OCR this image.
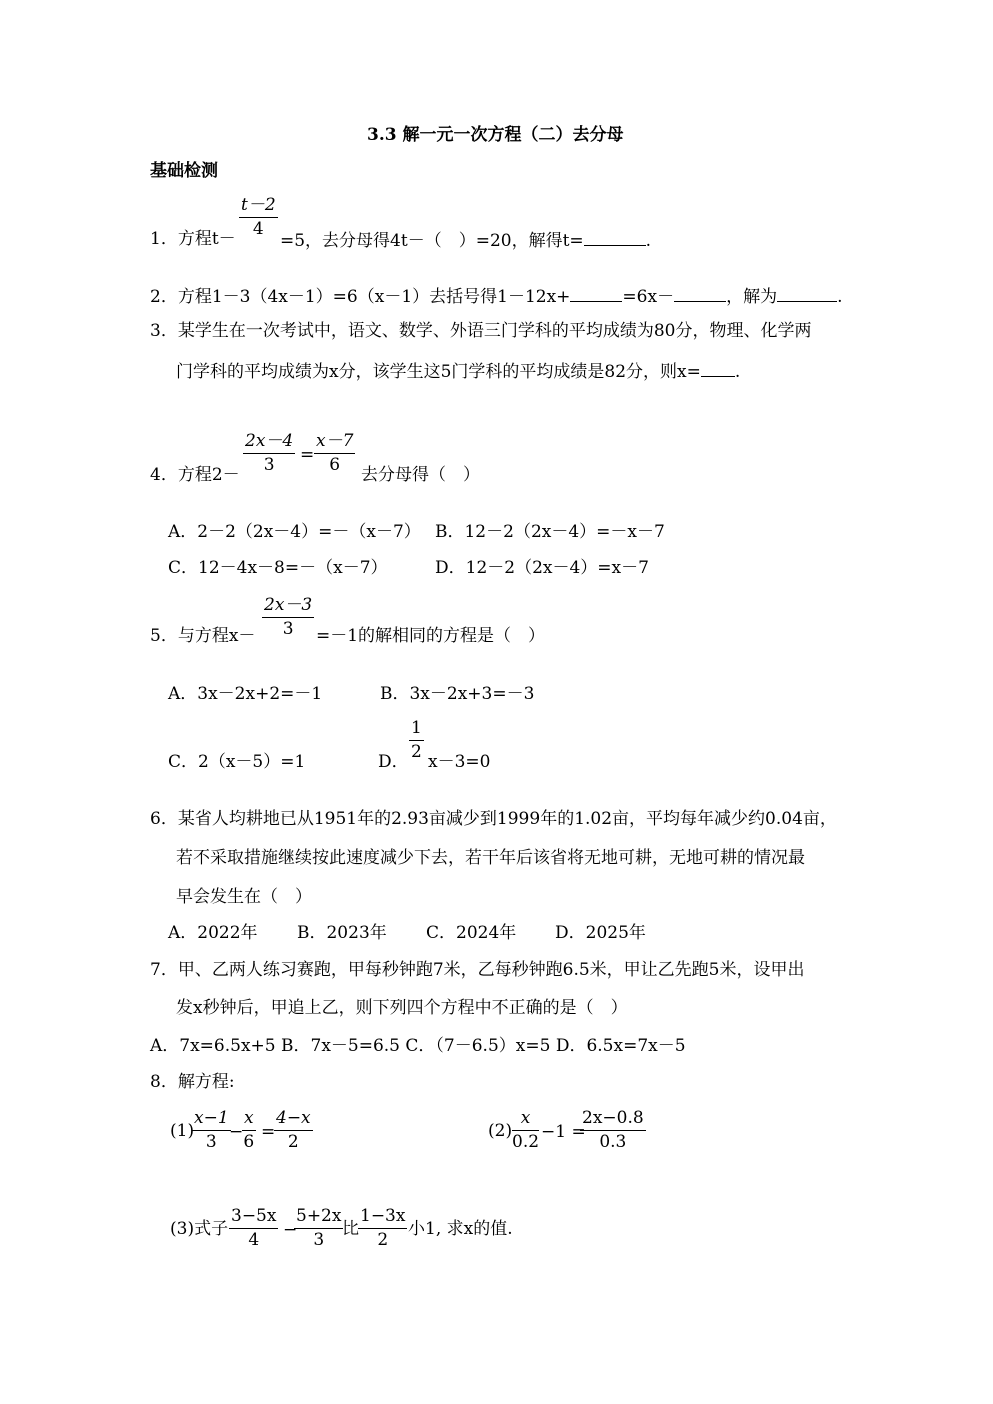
3.3 解一元一次方程（二）去分母
基础检测
$\frac{t-2}{4}$
1．方程t－	=5，去分母得4t－（　）=20，解得t=	.
2．方程1－3（4x－1）=6（x－1）去括号得1－12x+	=6x－	，解为	.
3．某学生在一次考试中，语文、数学、外语三门学科的平均成绩为80分，物理、化学两
门学科的平均成绩为x分，该学生这5门学科的平均成绩是82分，则x= .
4．方程2－
$\frac{2x-4}{3} = \frac{x-7}{6}$
去分母得（　）
A．2－2（2x－4）=－（x－7） B．12－2（2x－4）=－x－7
C．12－4x－8=－（x－7）	D．12－2（2x－4）=x－7
$\frac{2x-3}{3}$
5．与方程x－	=－1的解相同的方程是（　）
A．3x－2x+2=－1	B．3x－2x+3=－3
C．2（x－5）=1	D．
$\frac{1}{2}$
x－3=0
6．某省人均耕地已从1951年的2.93亩减少到1999年的1.02亩，平均每年减少约0.04亩，
若不采取措施继续按此速度减少下去，若干年后该省将无地可耕，无地可耕的情况最
早会发生在（　）
A．2022年 B．2023年 C．2024年 D．2025年
7．甲、乙两人练习赛跑，甲每秒钟跑7米，乙每秒钟跑6.5米，甲让乙先跑5米，设甲出
发x秒钟后，甲追上乙，则下列四个方程中不正确的是（　）
A．7x=6.5x+5 B．7x－5=6.5 C．（7－6.5）x=5 D．6.5x=7x－5
8．解方程:
(1)
$\frac{x-1}{3}$
−
$\frac{x}{6}$ =
$\frac{4-x}{2}$	$(2) \frac{x}{0.2} -1$ =
$\frac{2x-0.8}{0.3}$
(3)式子 $\frac{3-5x}{4}$ −
$\frac{5+2x}{3}$
比 $\frac{1-3x}{2}$ 小1, 求x的值.
